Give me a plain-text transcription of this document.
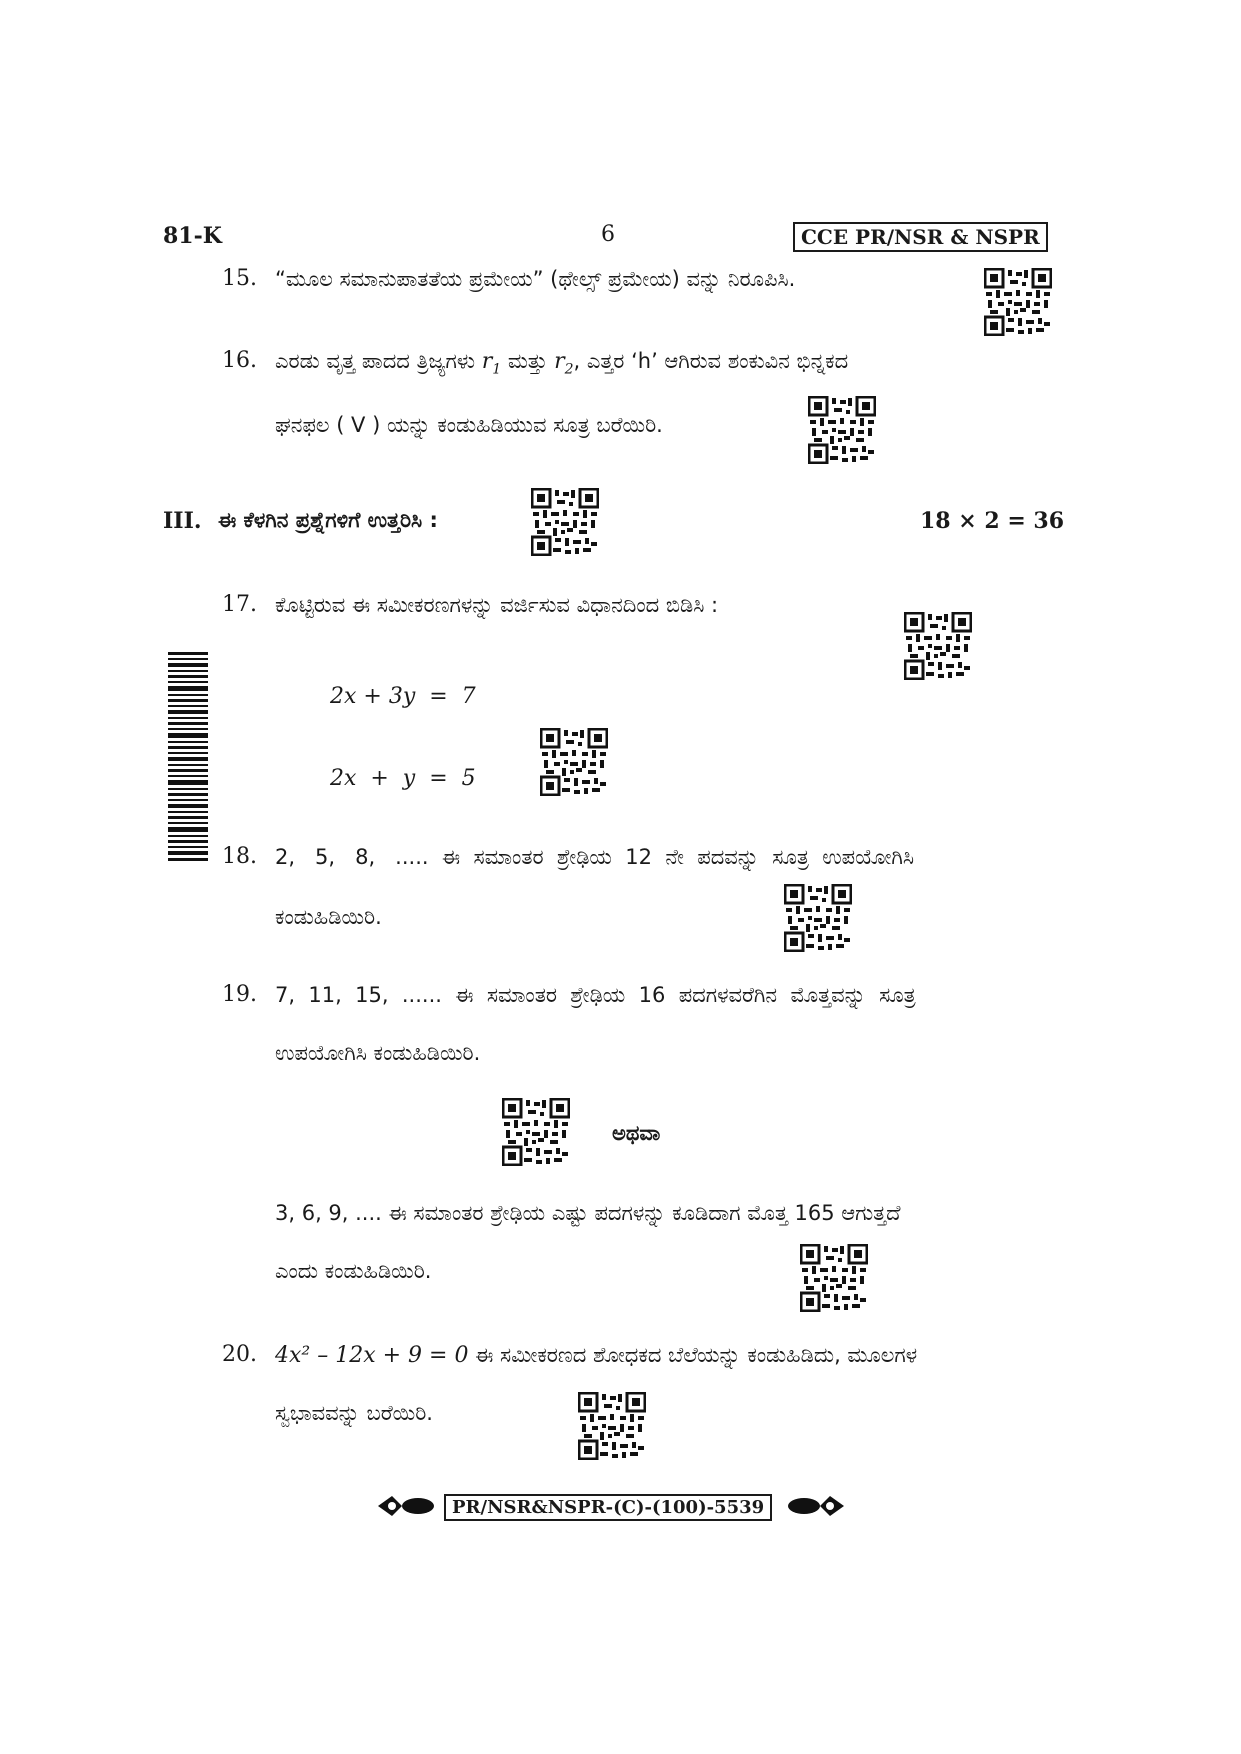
81-K	6	CCE PR/NSR & NSPR
15. “ಮೂಲ ಸಮಾನುಪಾತತೆಯ ಪ್ರಮೇಯ” (ಥೇಲ್ಸ್ ಪ್ರಮೇಯ) ವನ್ನು ನಿರೂಪಿಸಿ.
16. ಎರಡು ವೃತ್ತ ಪಾದದ ತ್ರಿಜ್ಯಗಳು $r_1$ ಮತ್ತು $r_2$, ಎತ್ತರ ‘h’ ಆಗಿರುವ ಶಂಕುವಿನ ಭಿನ್ನಕದ
ಘನಫಲ ( V ) ಯನ್ನು ಕಂಡುಹಿಡಿಯುವ ಸೂತ್ರ ಬರೆಯಿರಿ.
III. ಈ ಕೆಳಗಿನ ಪ್ರಶ್ನೆಗಳಿಗೆ ಉತ್ತರಿಸಿ :	18 × 2 = 36
17. ಕೊಟ್ಟಿರುವ ಈ ಸಮೀಕರಣಗಳನ್ನು ವರ್ಜಿಸುವ ವಿಧಾನದಿಂದ ಬಿಡಿಸಿ :
2x + 3y  =  7
2x  +  y  =  5
18. 2,   5,   8,   .....  ಈ  ಸಮಾಂತರ  ಶ್ರೇಢಿಯ  12  ನೇ  ಪದವನ್ನು  ಸೂತ್ರ  ಉಪಯೋಗಿಸಿ
ಕಂಡುಹಿಡಿಯಿರಿ.
19. 7,  11,  15,  ......  ಈ  ಸಮಾಂತರ  ಶ್ರೇಢಿಯ  16  ಪದಗಳವರೆಗಿನ  ಮೊತ್ತವನ್ನು  ಸೂತ್ರ
ಉಪಯೋಗಿಸಿ ಕಂಡುಹಿಡಿಯಿರಿ.
ಅಥವಾ
3, 6, 9, .... ಈ ಸಮಾಂತರ ಶ್ರೇಢಿಯ ಎಷ್ಟು ಪದಗಳನ್ನು ಕೂಡಿದಾಗ ಮೊತ್ತ 165 ಆಗುತ್ತದೆ
ಎಂದು ಕಂಡುಹಿಡಿಯಿರಿ.
20. 4x² – 12x + 9 = 0 ಈ ಸಮೀಕರಣದ ಶೋಧಕದ ಬೆಲೆಯನ್ನು ಕಂಡುಹಿಡಿದು, ಮೂಲಗಳ
ಸ್ವಭಾವವನ್ನು ಬರೆಯಿರಿ.
PR/NSR&NSPR-(C)-(100)-5539
